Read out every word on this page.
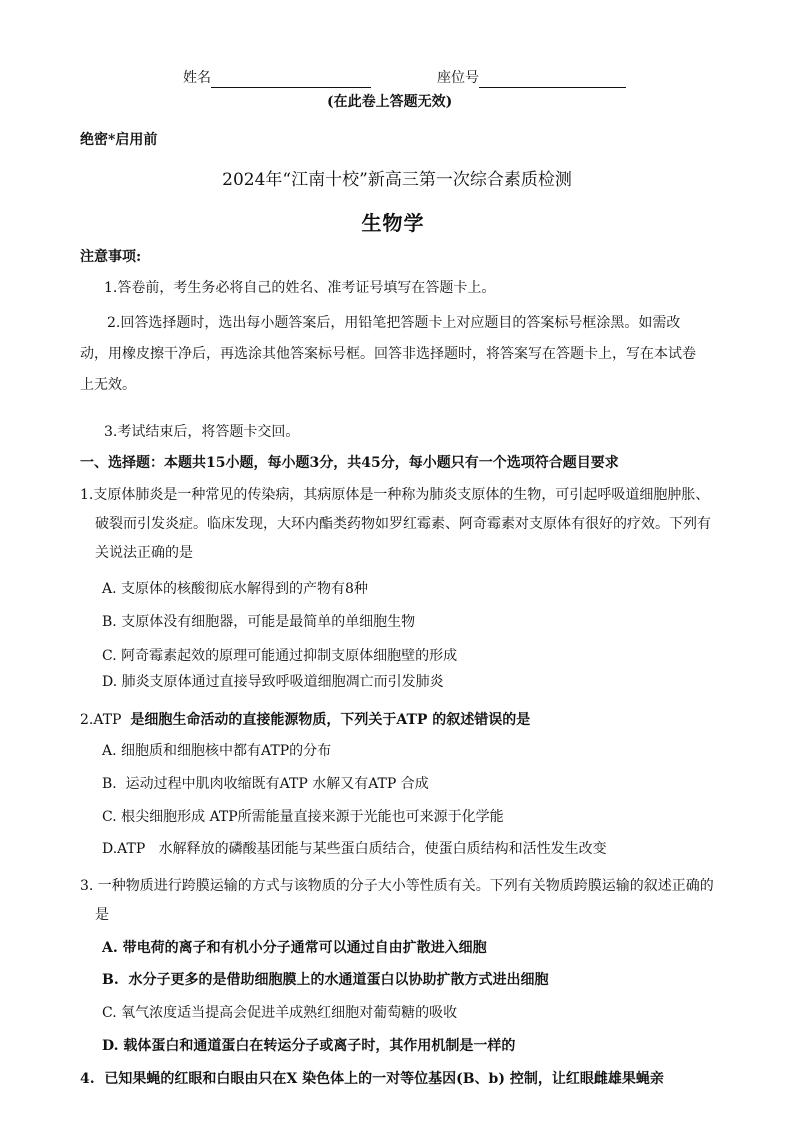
姓名	座位号
(在此卷上答题无效)
绝密*启用前
2024年“江南十校”新高三第一次综合素质检测
生物学
注意事项:
1.答卷前，考生务必将自己的姓名、准考证号填写在答题卡上。
2.回答选择题时，选出每小题答案后，用铅笔把答题卡上对应题目的答案标号框涂黑。如需改动，用橡皮擦干净后，再选涂其他答案标号框。回答非选择题时，将答案写在答题卡上，写在本试卷上无效。
3.考试结束后，将答题卡交回。
一、选择题：本题共15小题，每小题3分，共45分，每小题只有一个选项符合题目要求
1.支原体肺炎是一种常见的传染病，其病原体是一种称为肺炎支原体的生物，可引起呼吸道细胞肿胀、破裂而引发炎症。临床发现，大环内酯类药物如罗红霉素、阿奇霉素对支原体有很好的疗效。下列有关说法正确的是
A. 支原体的核酸彻底水解得到的产物有8种
B. 支原体没有细胞器，可能是最简单的单细胞生物
C. 阿奇霉素起效的原理可能通过抑制支原体细胞壁的形成
D. 肺炎支原体通过直接导致呼吸道细胞凋亡而引发肺炎
2.ATP  是细胞生命活动的直接能源物质，下列关于ATP 的叙述错误的是
A. 细胞质和细胞核中都有ATP的分布
B.  运动过程中肌肉收缩既有ATP 水解又有ATP 合成
C. 根尖细胞形成 ATP所需能量直接来源于光能也可来源于化学能
D.ATP   水解释放的磷酸基团能与某些蛋白质结合，使蛋白质结构和活性发生改变
3. 一种物质进行跨膜运输的方式与该物质的分子大小等性质有关。下列有关物质跨膜运输的叙述正确的是
A. 带电荷的离子和有机小分子通常可以通过自由扩散进入细胞
B.  水分子更多的是借助细胞膜上的水通道蛋白以协助扩散方式进出细胞
C. 氧气浓度适当提高会促进羊成熟红细胞对葡萄糖的吸收
D. 载体蛋白和通道蛋白在转运分子或离子时，其作用机制是一样的
4.  已知果蝇的红眼和白眼由只在X 染色体上的一对等位基因(B、b) 控制，让红眼雌雄果蝇亲
